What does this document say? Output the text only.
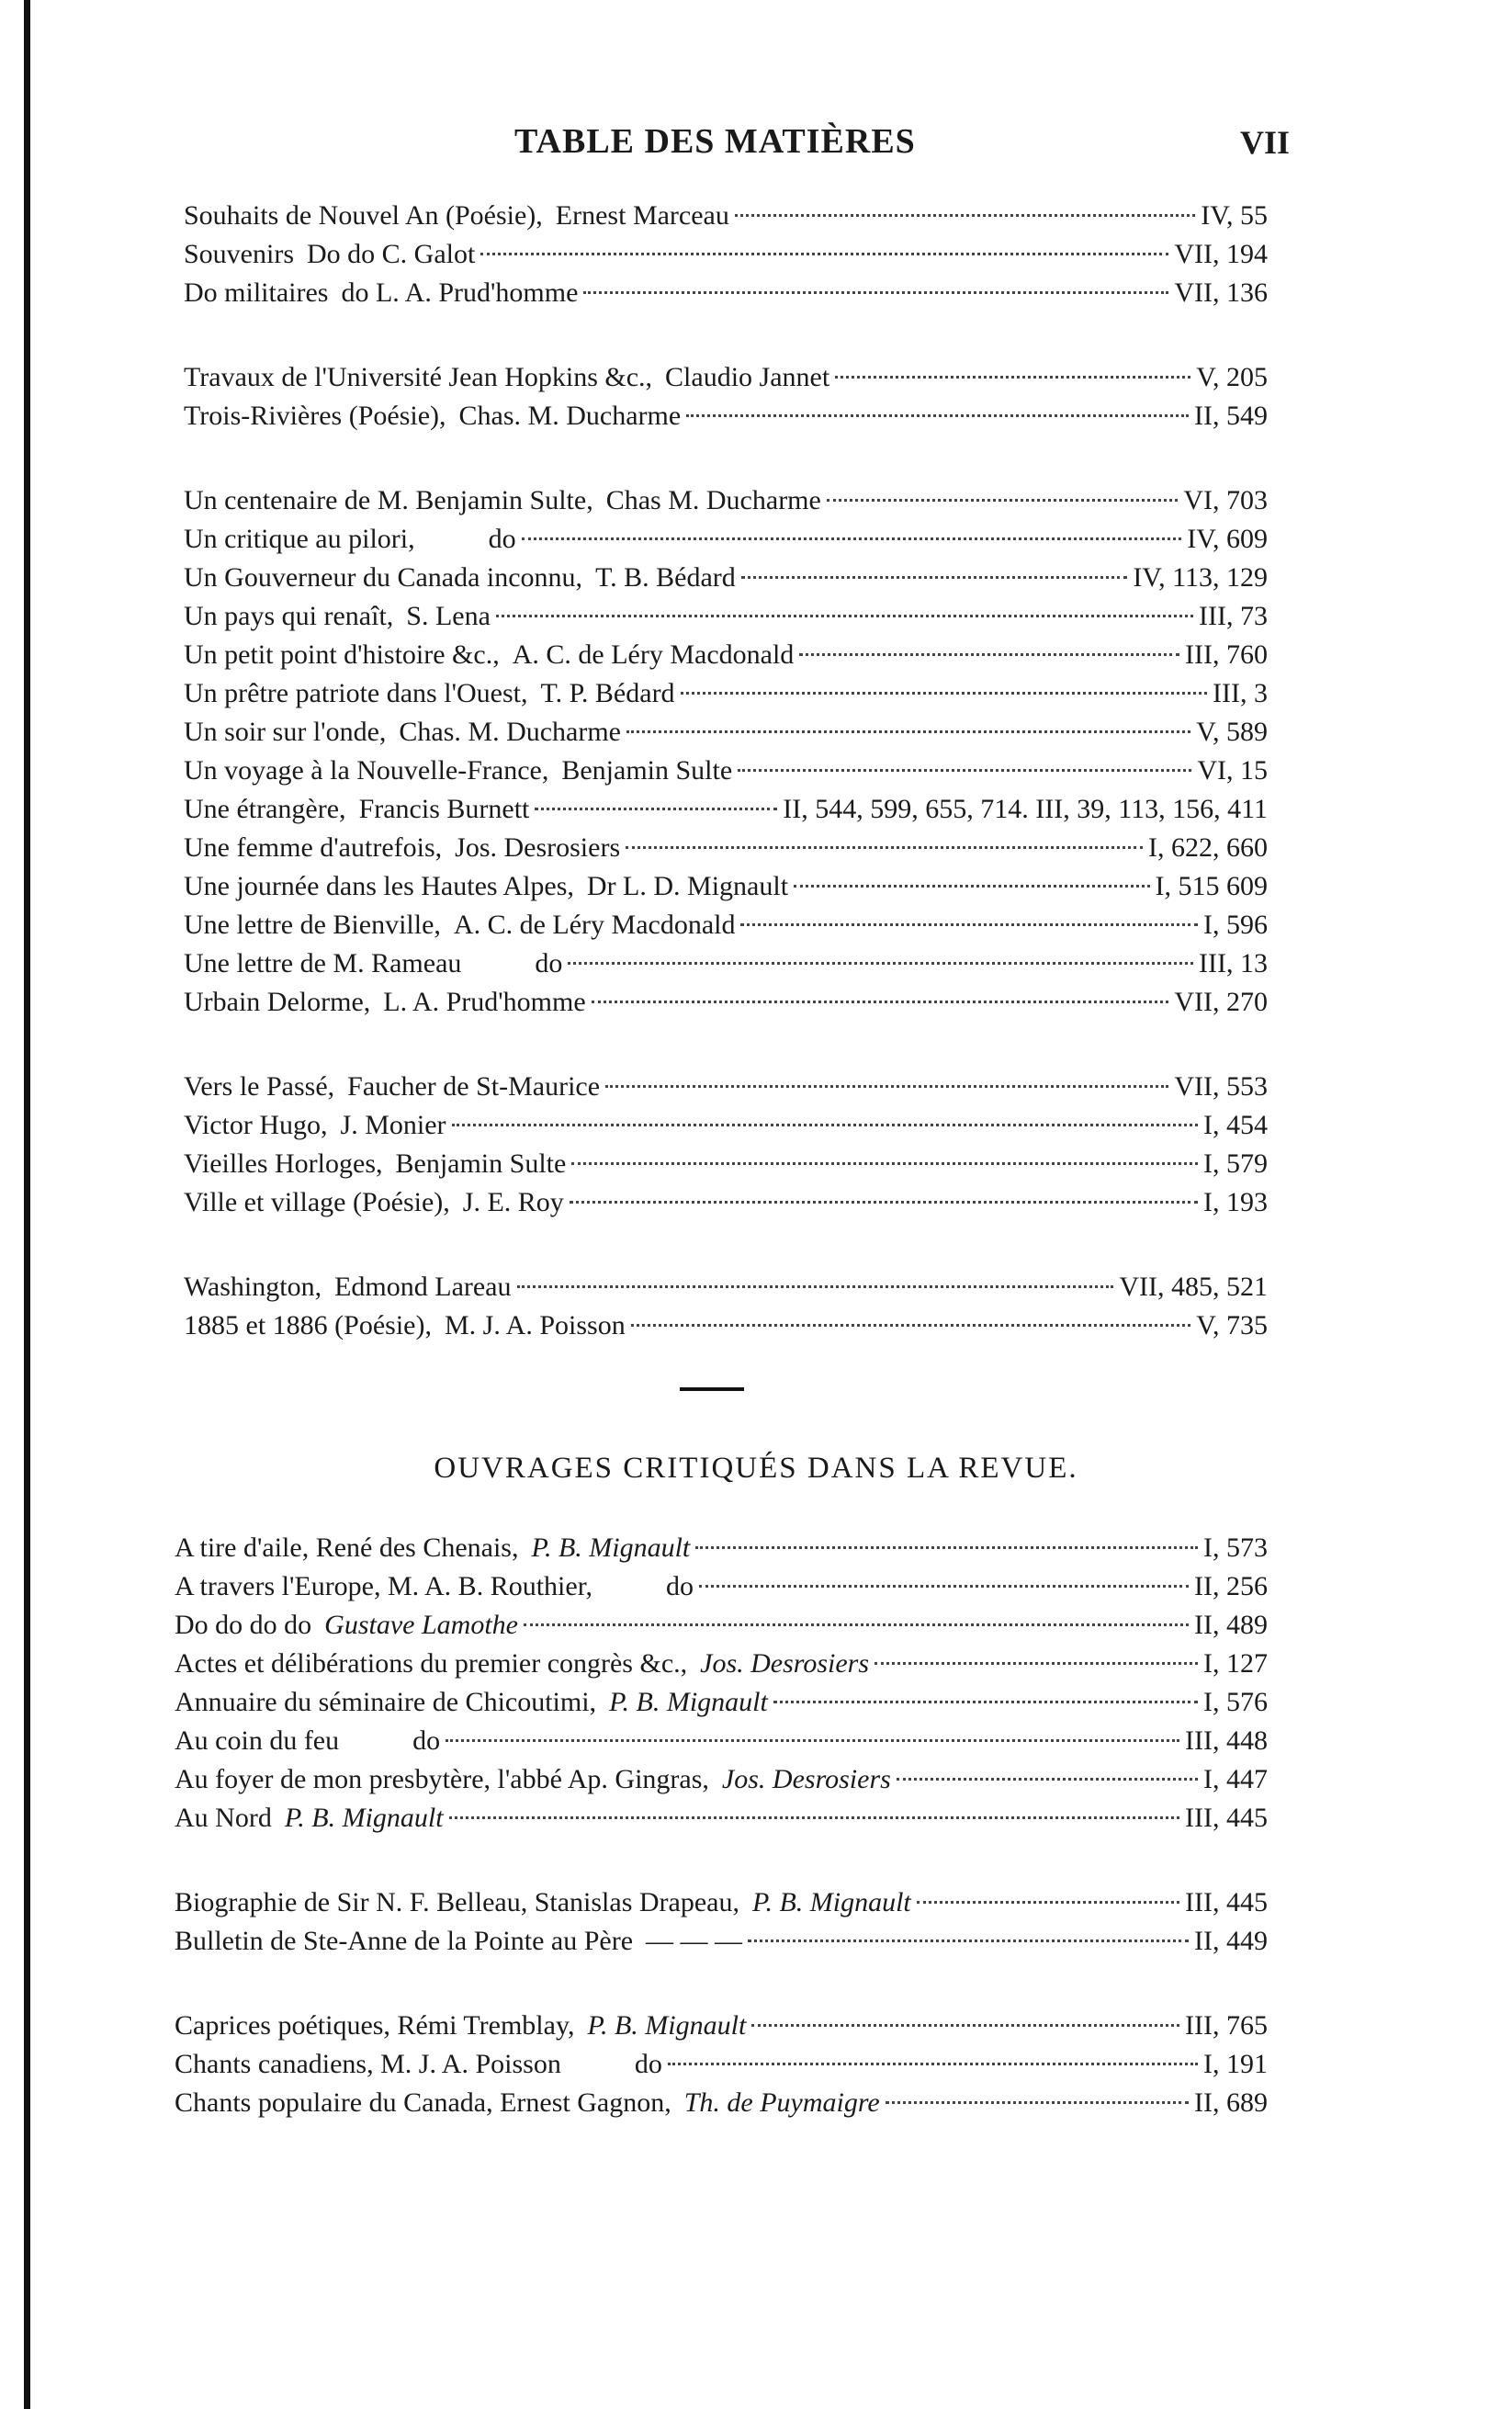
TABLE DES MATIÈRES	VII
Souhaits de Nouvel An (Poésie), Ernest Marceau	IV, 55
Souvenirs Do do C. Galot	VII, 194
Do militaires do L. A. Prud'homme	VII, 136
Travaux de l'Université Jean Hopkins &c., Claudio Jannet	V, 205
Trois-Rivières (Poésie), Chas. M. Ducharme	II, 549
Un centenaire de M. Benjamin Sulte, Chas M. Ducharme	VI, 703
Un critique au pilori,	do	IV, 609
Un Gouverneur du Canada inconnu, T. B. Bédard	IV, 113, 129
Un pays qui renaît, S. Lena	III, 73
Un petit point d'histoire &c., A. C. de Léry Macdonald	III, 760
Un prêtre patriote dans l'Ouest, T. P. Bédard	III, 3
Un soir sur l'onde, Chas. M. Ducharme	V, 589
Un voyage à la Nouvelle-France, Benjamin Sulte	VI, 15
Une étrangère, Francis Burnett	II, 544, 599, 655, 714. III, 39, 113, 156, 411
Une femme d'autrefois, Jos. Desrosiers	I, 622, 660
Une journée dans les Hautes Alpes, Dr L. D. Mignault	I, 515 609
Une lettre de Bienville, A. C. de Léry Macdonald	I, 596
Une lettre de M. Rameau	do	III, 13
Urbain Delorme, L. A. Prud'homme	VII, 270
Vers le Passé, Faucher de St-Maurice	VII, 553
Victor Hugo, J. Monier	I, 454
Vieilles Horloges, Benjamin Sulte	I, 579
Ville et village (Poésie), J. E. Roy	I, 193
Washington, Edmond Lareau	VII, 485, 521
1885 et 1886 (Poésie), M. J. A. Poisson	V, 735
OUVRAGES CRITIQUÉS DANS LA REVUE.
A tire d'aile, René des Chenais, P. B. Mignault	I, 573
A travers l'Europe, M. A. B. Routhier,	do	II, 256
Do do do do Gustave Lamothe	II, 489
Actes et délibérations du premier congrès &c., Jos. Desrosiers	I, 127
Annuaire du séminaire de Chicoutimi, P. B. Mignault	I, 576
Au coin du feu	do	III, 448
Au foyer de mon presbytère, l'abbé Ap. Gingras, Jos. Desrosiers	I, 447
Au Nord P. B. Mignault	III, 445
Biographie de Sir N. F. Belleau, Stanislas Drapeau, P. B. Mignault	III, 445
Bulletin de Ste-Anne de la Pointe au Père — — —	II, 449
Caprices poétiques, Rémi Tremblay, P. B. Mignault	III, 765
Chants canadiens, M. J. A. Poisson	do	I, 191
Chants populaire du Canada, Ernest Gagnon, Th. de Puymaigre	II, 689
